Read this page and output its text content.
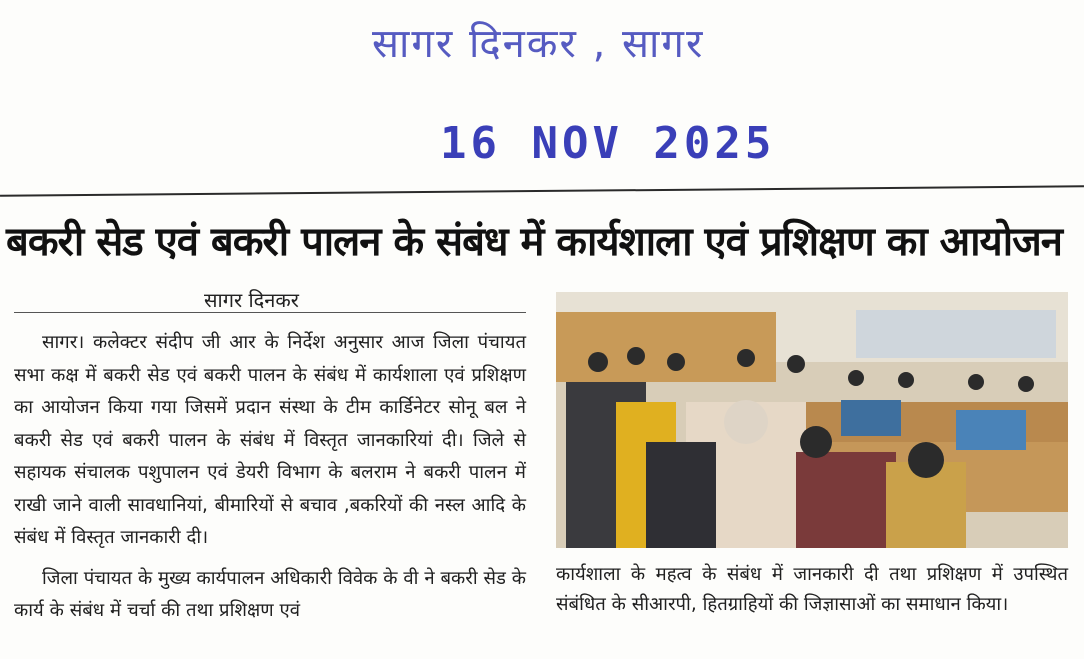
सागर दिनकर , सागर
16 NOV 2025
बकरी सेड एवं बकरी पालन के संबंध में कार्यशाला एवं प्रशिक्षण का आयोजन
सागर दिनकर

सागर। कलेक्टर संदीप जी आर के निर्देश अनुसार आज जिला पंचायत सभा कक्ष में बकरी सेड एवं बकरी पालन के संबंध में कार्यशाला एवं प्रशिक्षण का आयोजन किया गया जिसमें प्रदान संस्था के टीम कार्डिनेटर सोनू बल ने बकरी सेड एवं बकरी पालन के संबंध में विस्तृत जानकारियां दी। जिले से सहायक संचालक पशुपालन एवं डेयरी विभाग के बलराम ने बकरी पालन में राखी जाने वाली सावधानियां, बीमारियों से बचाव ,बकरियों की नस्ल आदि के संबंध में विस्तृत जानकारी दी।

जिला पंचायत के मुख्य कार्यपालन अधिकारी विवेक के वी ने बकरी सेड के कार्य के संबंध में चर्चा की तथा प्रशिक्षण एवं

कार्यशाला के महत्व के संबंध में जानकारी दी तथा प्रशिक्षण में उपस्थित संबंधित के सीआरपी, हितग्राहियों की जिज्ञासाओं का समाधान किया।
